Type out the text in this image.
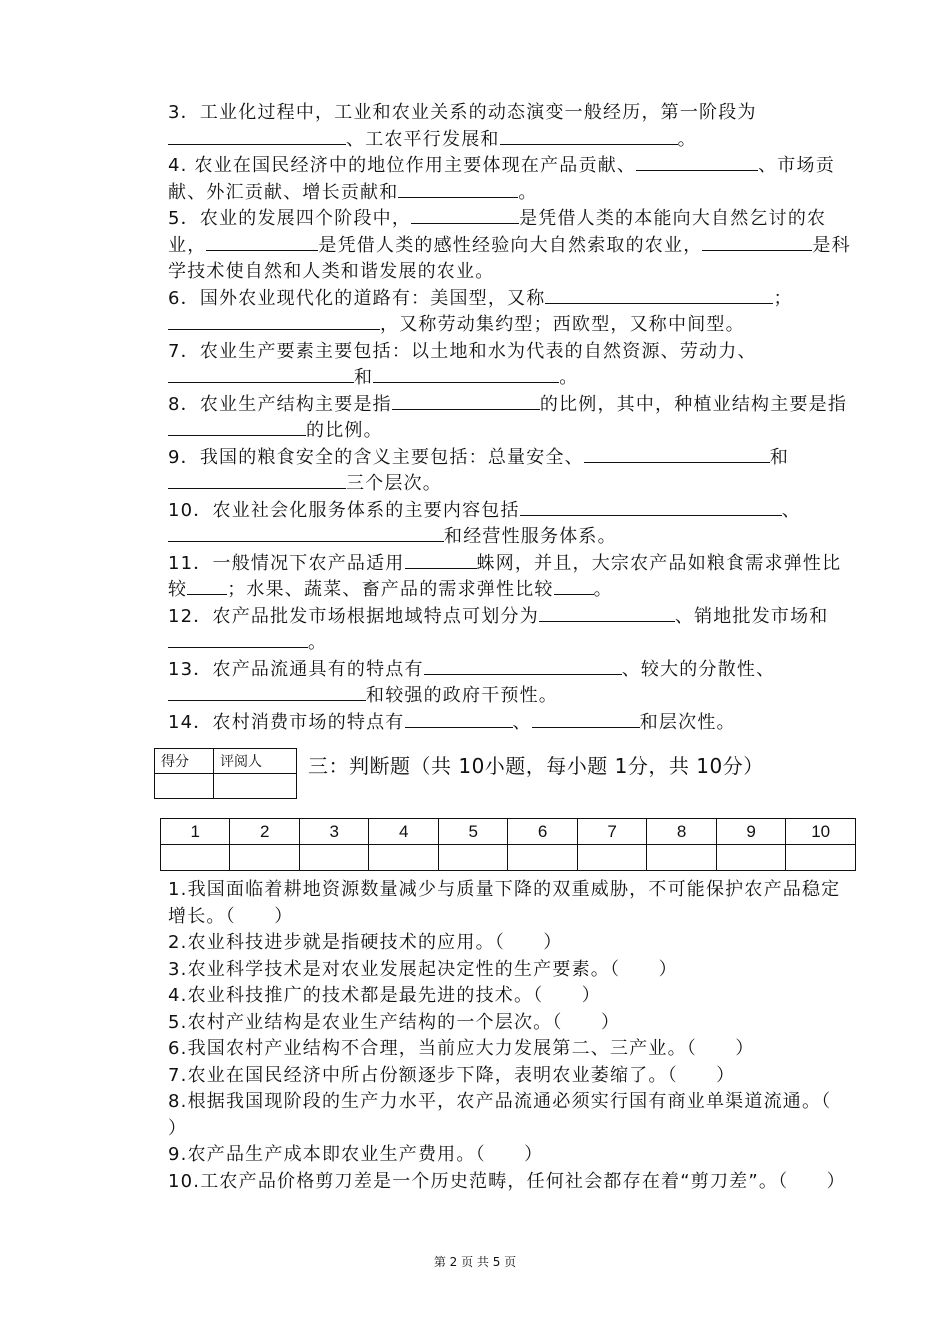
3．工业化过程中，工业和农业关系的动态演变一般经历，第一阶段为、工农平行发展和	。

4. 农业在国民经济中的地位作用主要体现在产品贡献、	、市场贡献、外汇贡献、增长贡献和	。

5．农业的发展四个阶段中，	是凭借人类的本能向大自然乞讨的农业，	是凭借人类的感性经验向大自然索取的农业，	是科学技术使自然和人类和谐发展的农业。

6．国外农业现代化的道路有：美国型，又称	；，又称劳动集约型；西欧型，又称中间型。

7．农业生产要素主要包括：以土地和水为代表的自然资源、劳动力、和	。

8．农业生产结构主要是指	的比例，其中，种植业结构主要是指的比例。

9．我国的粮食安全的含义主要包括：总量安全、	和三个层次。

10．农业社会化服务体系的主要内容包括	、和经营性服务体系。

11．一般情况下农产品适用	蛛网，并且，大宗农产品如粮食需求弹性比较 ；水果、蔬菜、畜产品的需求弹性比较 。

12．农产品批发市场根据地域特点可划分为	、销地批发市场和。

13．农产品流通具有的特点有	、较大的分散性、和较强的政府干预性。

14．农村消费市场的特点有	、	和层次性。

得分	评阅人
	三：判断题（共 10小题，每小题 1分，共 10分）
1	2	3	4	5	6	7	8	9	10

1.我国面临着耕地资源数量减少与质量下降的双重威胁，不可能保护农产品稳定增长。（　　）

2.农业科技进步就是指硬技术的应用。（　　）

3.农业科学技术是对农业发展起决定性的生产要素。（　　）

4.农业科技推广的技术都是最先进的技术。（　　）

5.农村产业结构是农业生产结构的一个层次。（　　）

6.我国农村产业结构不合理，当前应大力发展第二、三产业。（　　）

7.农业在国民经济中所占份额逐步下降，表明农业萎缩了。（　　）

8.根据我国现阶段的生产力水平，农产品流通必须实行国有商业单渠道流通。（　　）

9.农产品生产成本即农业生产费用。（　　）

10.工农产品价格剪刀差是一个历史范畴，任何社会都存在着“剪刀差”。（　　）

第 2 页 共 5 页
